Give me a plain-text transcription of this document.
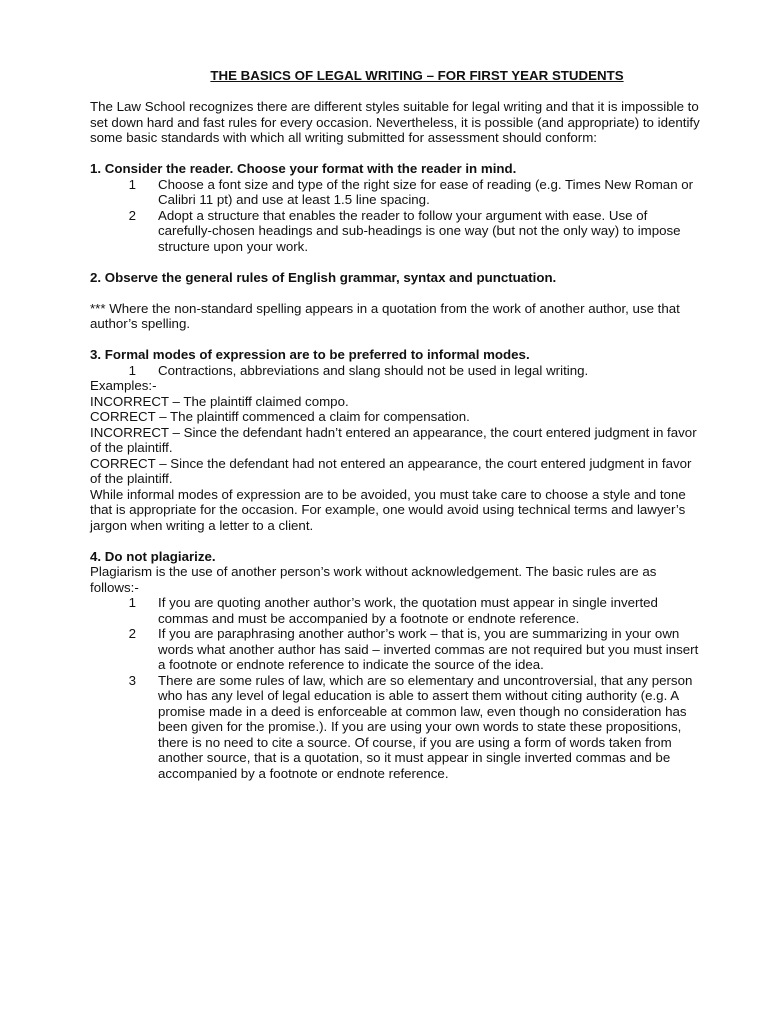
THE BASICS OF LEGAL WRITING – FOR FIRST YEAR STUDENTS

The Law School recognizes there are different styles suitable for legal writing and that it is impossible to set down hard and fast rules for every occasion. Nevertheless, it is possible (and appropriate) to identify some basic standards with which all writing submitted for assessment should conform:

1. Consider the reader. Choose your format with the reader in mind.

1	Choose a font size and type of the right size for ease of reading (e.g. Times New Roman or Calibri 11 pt) and use at least 1.5 line spacing.
2	Adopt a structure that enables the reader to follow your argument with ease. Use of carefully-chosen headings and sub-headings is one way (but not the only way) to impose structure upon your work.

2. Observe the general rules of English grammar, syntax and punctuation.

*** Where the non-standard spelling appears in a quotation from the work of another author, use that author’s spelling.

3. Formal modes of expression are to be preferred to informal modes.

1	Contractions, abbreviations and slang should not be used in legal writing.

Examples:-

INCORRECT – The plaintiff claimed compo.

CORRECT – The plaintiff commenced a claim for compensation.

INCORRECT – Since the defendant hadn’t entered an appearance, the court entered judgment in favor of the plaintiff.

CORRECT – Since the defendant had not entered an appearance, the court entered judgment in favor of the plaintiff.

While informal modes of expression are to be avoided, you must take care to choose a style and tone that is appropriate for the occasion. For example, one would avoid using technical terms and lawyer’s jargon when writing a letter to a client.

4. Do not plagiarize.

Plagiarism is the use of another person’s work without acknowledgement. The basic rules are as follows:-

1	If you are quoting another author’s work, the quotation must appear in single inverted commas and must be accompanied by a footnote or endnote reference.
2	If you are paraphrasing another author’s work – that is, you are summarizing in your own words what another author has said – inverted commas are not required but you must insert a footnote or endnote reference to indicate the source of the idea.
3	There are some rules of law, which are so elementary and uncontroversial, that any person who has any level of legal education is able to assert them without citing authority (e.g. A promise made in a deed is enforceable at common law, even though no consideration has been given for the promise.). If you are using your own words to state these propositions, there is no need to cite a source. Of course, if you are using a form of words taken from another source, that is a quotation, so it must appear in single inverted commas and be accompanied by a footnote or endnote reference.
